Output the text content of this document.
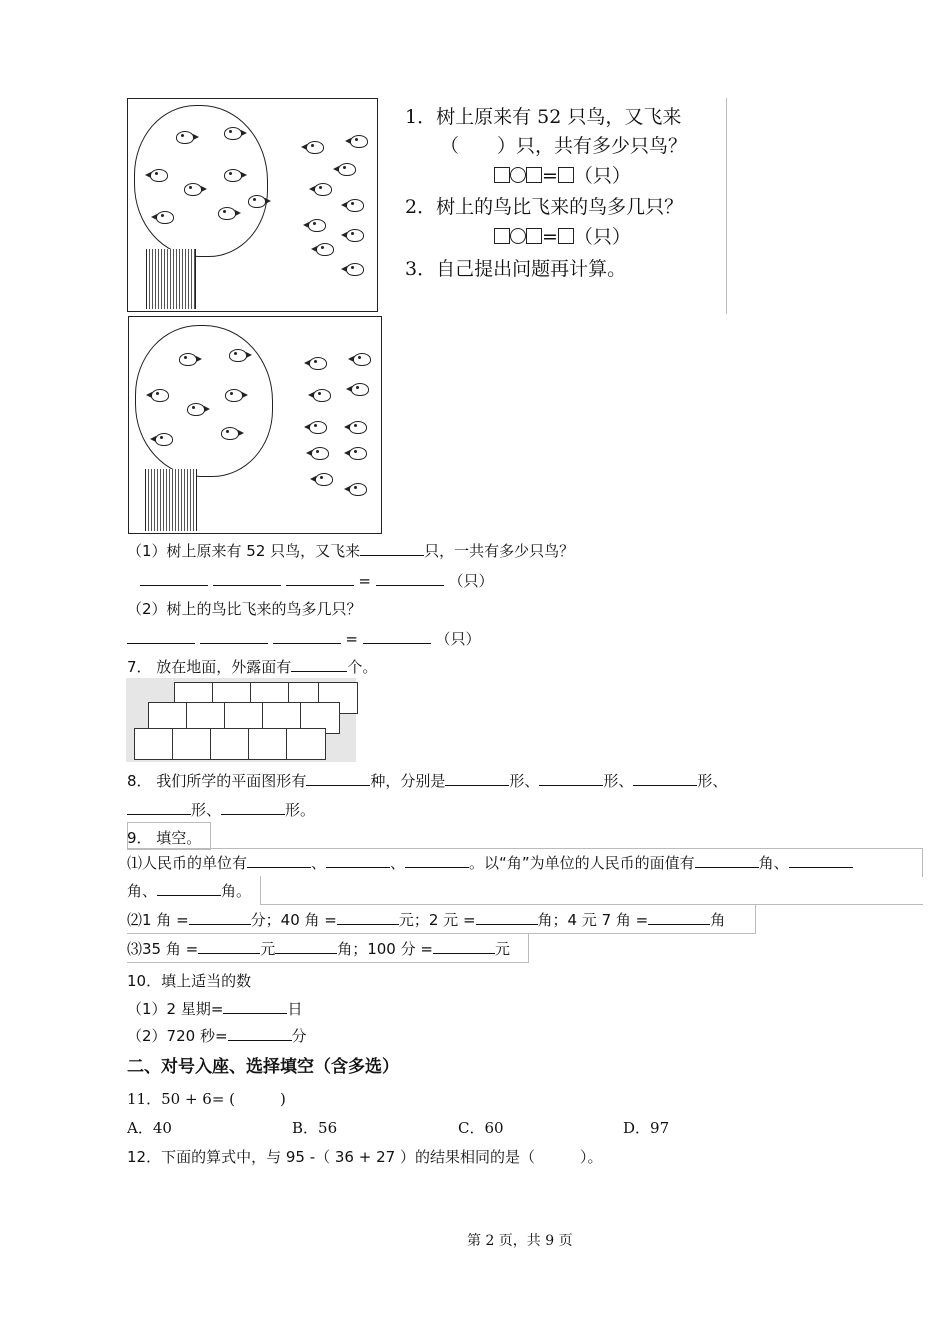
1．树上原来有 52 只鸟，又飞来
（　　）只，共有多少只鸟？
= （只）
2．树上的鸟比飞来的鸟多几只？
= （只）
3．自己提出问题再计算。
（1）树上原来有 52 只鸟，又飞来	只，一共有多少只鸟？
=	（只）
（2）树上的鸟比飞来的鸟多几只？
=	（只）
7． 放在地面，外露面有	个。
8． 我们所学的平面图形有	种，分别是	形、	形、	形、
形、	形。
9． 填空。
⑴人民币的单位有	、	、	。以“角”为单位的人民币的面值有	角、
角、	角。
⑵1 角 =	分；40 角 =	元；2 元 =	角；4 元 7 角 =	角
⑶35 角 =	元	角；100 分 =	元
10．填上适当的数
（1）2 星期=	日
（2）720 秒=	分
二、对号入座、选择填空（含多选）
11．50 + 6= (　　　)
A．40	B．56	C．60	D．97
12．下面的算式中，与 95 -（ 36 + 27 ）的结果相同的是（　　　）。
第 2 页，共 9 页
